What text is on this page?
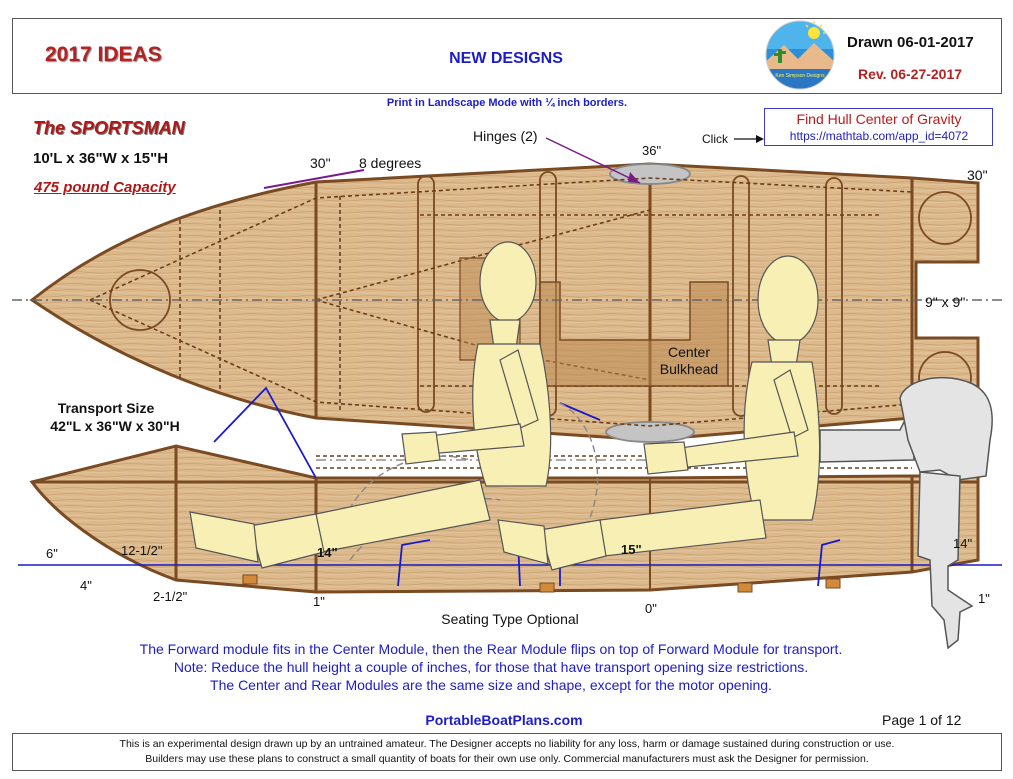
2017 IDEAS	NEW DESIGNS
Ken Simpson Designs
Drawn 06-01-2017
Rev. 06-27-2017
Print in Landscape Mode with ¼ inch borders.
The SPORTSMAN
10'L x 36"W x 15"H
475 pound Capacity
Click
Find Hull Center of Gravity
https://mathtab.com/app_id=4072
Hinges (2)
36"
30" 8 degrees
30"
9" x 9"
Center
Bulkhead
Transport Size
42"L x 36"W x 30"H
6"	12-1/2"
4"
2-1/2"
14"
1"
15"
0"
14"
1"
Seating Type Optional
The Forward module fits in the Center Module, then the Rear Module flips on top of Forward Module for transport.
Note: Reduce the hull height a couple of inches, for those that have transport opening size restrictions.
The Center and Rear Modules are the same size and shape, except for the motor opening.
PortableBoatPlans.com	Page 1 of 12
This is an experimental design drawn up by an untrained amateur. The Designer accepts no liability for any loss, harm or damage sustained during construction or use.
Builders may use these plans to construct a small quantity of boats for their own use only. Commercial manufacturers must ask the Designer for permission.
